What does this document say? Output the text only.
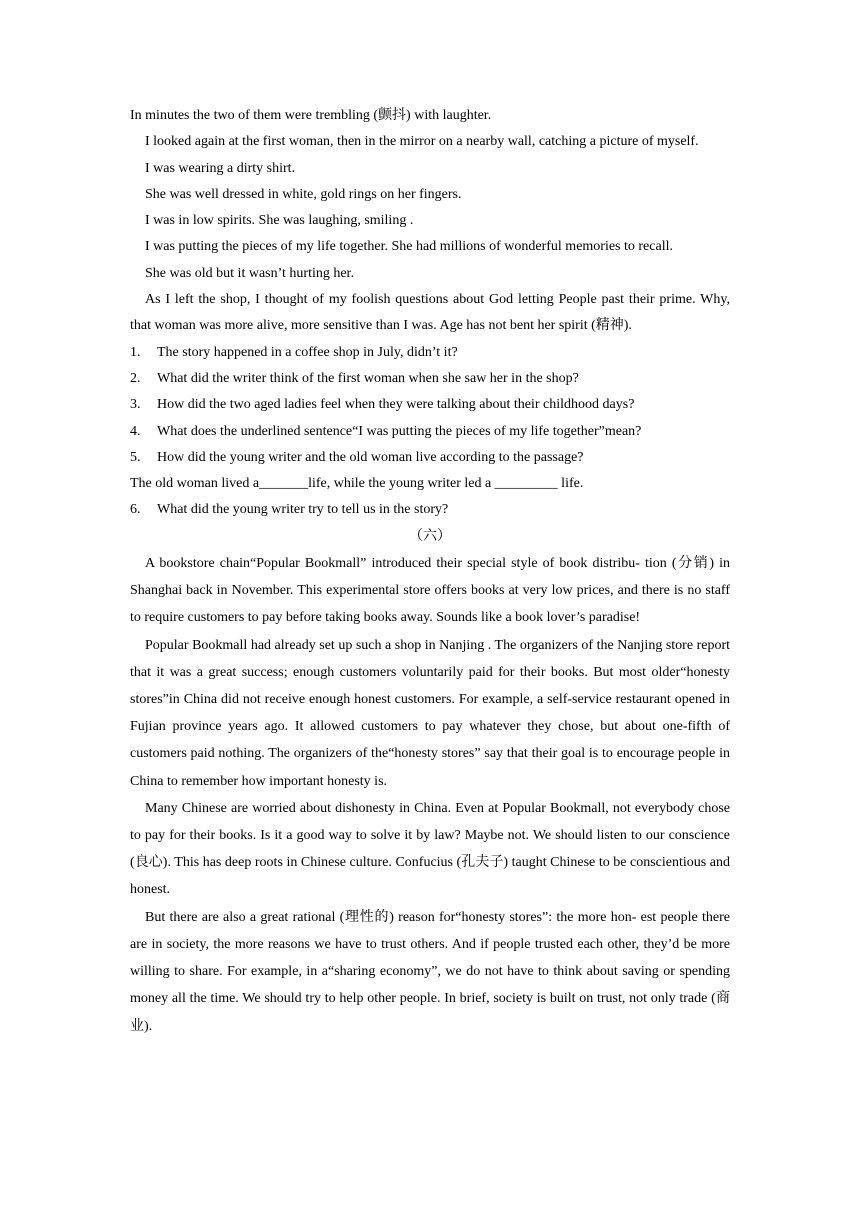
In minutes the two of them were trembling (颤抖) with laughter.

I looked again at the first woman, then in the mirror on a nearby wall, catching a picture of myself.

I was wearing a dirty shirt.

She was well dressed in white, gold rings on her fingers.

I was in low spirits. She was laughing, smiling .

I was putting the pieces of my life together. She had millions of wonderful memories to recall.

She was old but it wasn’t hurting her.

As I left the shop, I thought of my foolish questions about God letting People past their prime. Why, that woman was more alive, more sensitive than I was. Age has not bent her spirit (精神).

1.	The story happened in a coffee shop in July, didn’t it?
2.	What did the writer think of the first woman when she saw her in the shop?
3.	How did the two aged ladies feel when they were talking about their childhood days?
4.	What does the underlined sentence“I was putting the pieces of my life together”mean?
5.	How did the young writer and the old woman live according to the passage?

The old woman lived a_______life, while the young writer led a _________ life.

6.	What did the young writer try to tell us in the story?

（六）

A bookstore chain“Popular Bookmall” introduced their special style of book distribu- tion (分销) in Shanghai back in November. This experimental store offers books at very low prices, and there is no staff to require customers to pay before taking books away. Sounds like a book lover’s paradise!

Popular Bookmall had already set up such a shop in Nanjing . The organizers of the Nanjing store report that it was a great success; enough customers voluntarily paid for their books. But most older“honesty stores”in China did not receive enough honest customers. For example, a self-service restaurant opened in Fujian province years ago. It allowed customers to pay whatever they chose, but about one-fifth of customers paid nothing. The organizers of the“honesty stores” say that their goal is to encourage people in China to remember how important honesty is.

Many Chinese are worried about dishonesty in China. Even at Popular Bookmall, not everybody chose to pay for their books. Is it a good way to solve it by law? Maybe not. We should listen to our conscience (良心). This has deep roots in Chinese culture. Confucius (孔夫子) taught Chinese to be conscientious and honest.

But there are also a great rational (理性的) reason for“honesty stores”: the more hon- est people there are in society, the more reasons we have to trust others. And if people trusted each other, they’d be more willing to share. For example, in a“sharing economy”, we do not have to think about saving or spending money all the time. We should try to help other people. In brief, society is built on trust, not only trade (商业).
